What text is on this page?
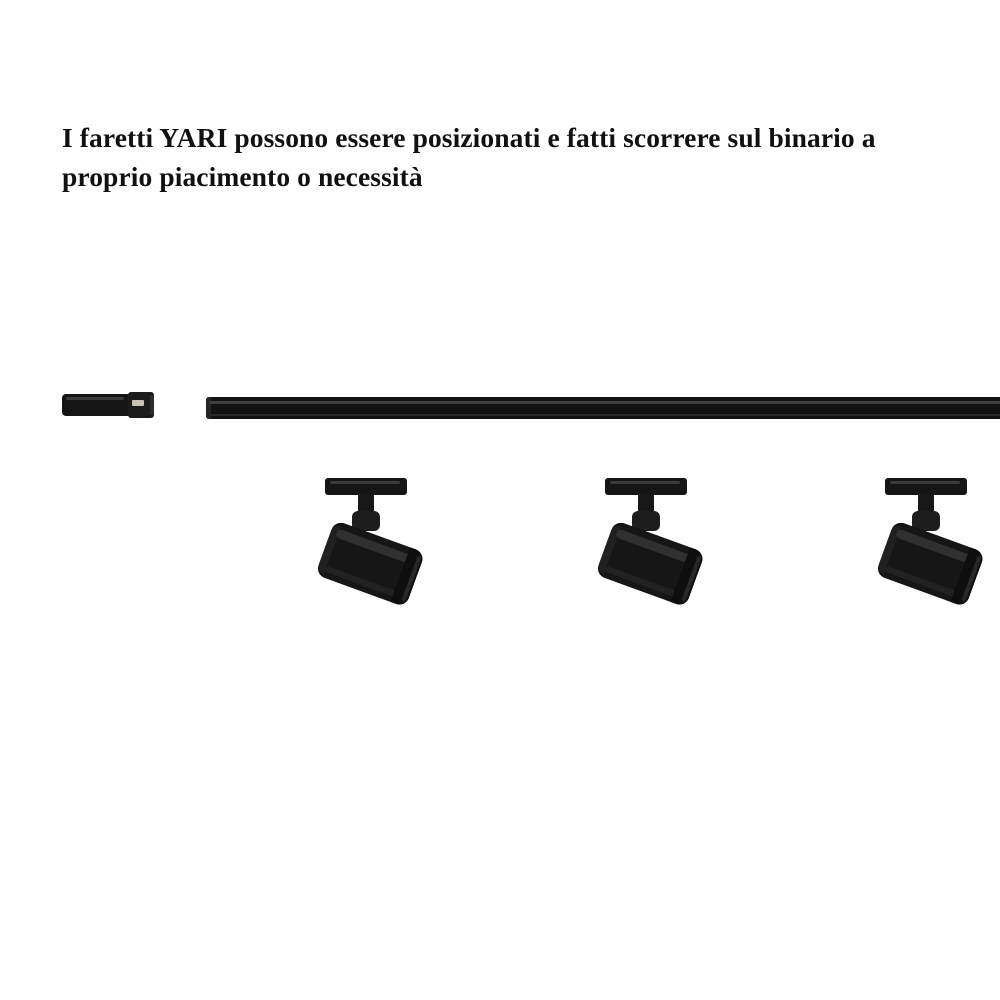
I faretti YARI possono essere posizionati e fatti scorrere sul binario a proprio piacimento o necessità
